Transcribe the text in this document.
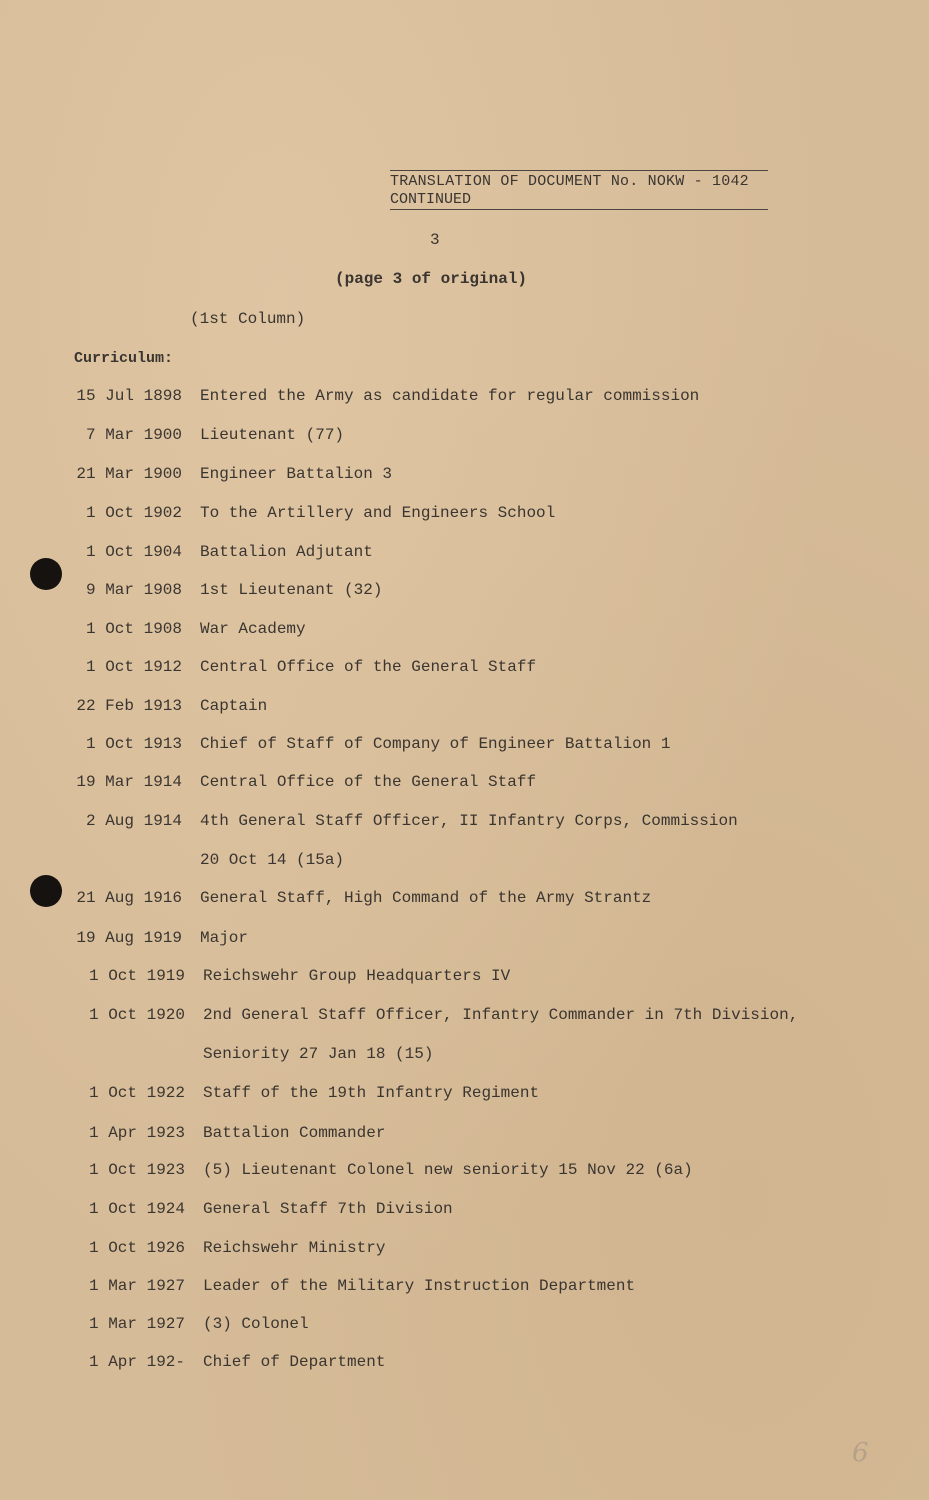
TRANSLATION OF DOCUMENT No. NOKW - 1042
CONTINUED
3
(page 3 of original)
(1st Column)
Curriculum:
15 Jul 1898 Entered the Army as candidate for regular commission
7 Mar 1900 Lieutenant (77)
21 Mar 1900 Engineer Battalion 3
1 Oct 1902 To the Artillery and Engineers School
1 Oct 1904 Battalion Adjutant
9 Mar 1908 1st Lieutenant (32)
1 Oct 1908 War Academy
1 Oct 1912 Central Office of the General Staff
22 Feb 1913 Captain
1 Oct 1913 Chief of Staff of Company of Engineer Battalion 1
19 Mar 1914 Central Office of the General Staff
2 Aug 1914 4th General Staff Officer, II Infantry Corps, Commission
20 Oct 14 (15a)
21 Aug 1916 General Staff, High Command of the Army Strantz
19 Aug 1919 Major
1 Oct 1919 Reichswehr Group Headquarters IV
1 Oct 1920 2nd General Staff Officer, Infantry Commander in 7th Division,
Seniority 27 Jan 18 (15)
1 Oct 1922 Staff of the 19th Infantry Regiment
1 Apr 1923 Battalion Commander
1 Oct 1923 (5) Lieutenant Colonel new seniority 15 Nov 22 (6a)
1 Oct 1924 General Staff 7th Division
1 Oct 1926 Reichswehr Ministry
1 Mar 1927 Leader of the Military Instruction Department
1 Mar 1927 (3) Colonel
1 Apr 192- Chief of Department
6
